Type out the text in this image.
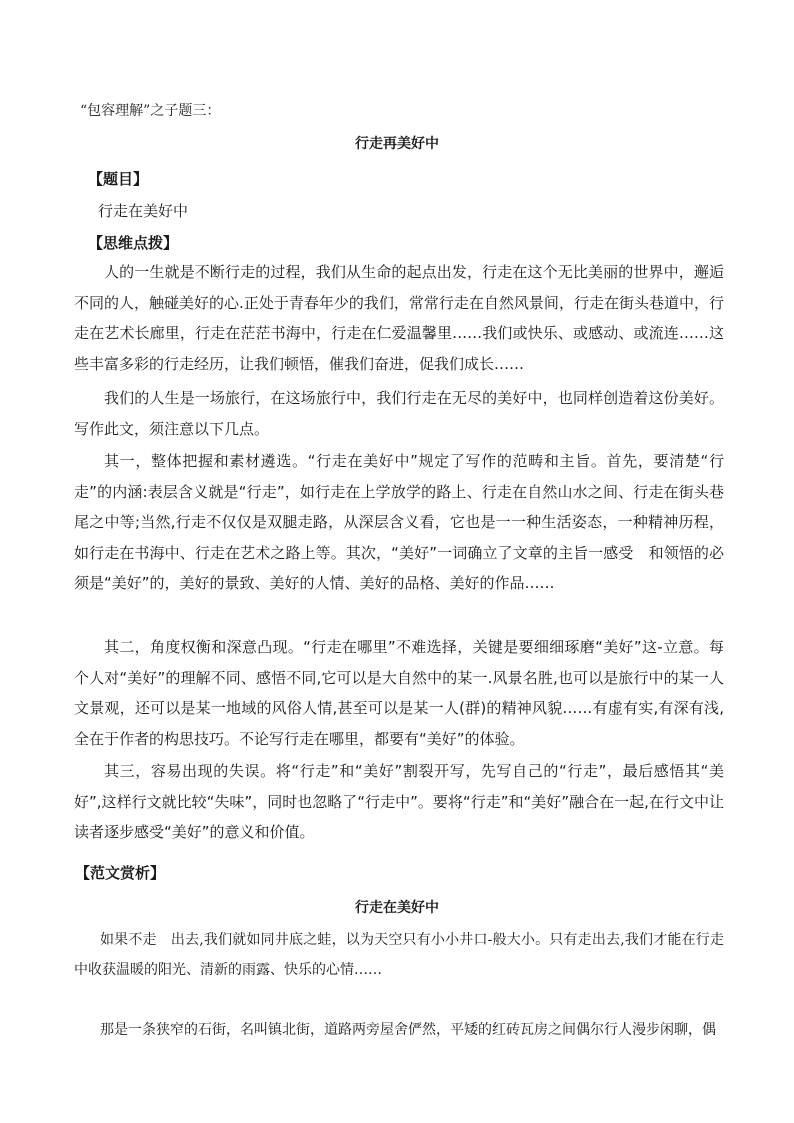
“包容理解”之子题三：
行走再美好中
【题目】
行走在美好中
【思维点拨】

人的一生就是不断行走的过程，我们从生命的起点出发，行走在这个无比美丽的世界中，邂逅不同的人，触碰美好的心.正处于青春年少的我们，常常行走在自然风景间，行走在街头巷道中，行走在艺术长廊里，行走在茫茫书海中，行走在仁爱温馨里……我们或快乐、或感动、或流连……这些丰富多彩的行走经历，让我们顿悟，催我们奋进，促我们成长……

我们的人生是一场旅行，在这场旅行中，我们行走在无尽的美好中，也同样创造着这份美好。写作此文，须注意以下几点。

其一，整体把握和素材遴选。“行走在美好中”规定了写作的范畴和主旨。首先，要清楚“行走”的内涵:表层含义就是“行走”，如行走在上学放学的路上、行走在自然山水之间、行走在街头巷尾之中等;当然,行走不仅仅是双腿走路，从深层含义看，它也是一一种生活姿态，一种精神历程，如行走在书海中、行走在艺术之路上等。其次，“美好”一词确立了文章的主旨一感受　和领悟的必须是“美好”的，美好的景致、美好的人情、美好的品格、美好的作品……

其二，角度权衡和深意凸现。“行走在哪里”不难选择，关键是要细细琢磨“美好”这-立意。每个人对“美好”的理解不同、感悟不同,它可以是大自然中的某一.风景名胜,也可以是旅行中的某一人文景观，还可以是某一地域的风俗人情,甚至可以是某一人(群)的精神风貌……有虚有实,有深有浅,全在于作者的构思技巧。不论写行走在哪里，都要有“美好”的体验。

其三，容易出现的失误。将“行走”和“美好”割裂开写，先写自己的“行走”，最后感悟其“美好”,这样行文就比较“失味”，同时也忽略了“行走中”。要将“行走”和“美好”融合在一起,在行文中让读者逐步感受“美好”的意义和价值。

【范文赏析】
行走在美好中

如果不走　出去,我们就如同井底之蛙，以为天空只有小小井口-般大小。只有走出去,我们才能在行走中收获温暖的阳光、清新的雨露、快乐的心情……

那是一条狭窄的石街，名叫镇北街，道路两旁屋舍俨然，平矮的红砖瓦房之间偶尔行人漫步闲聊，偶
